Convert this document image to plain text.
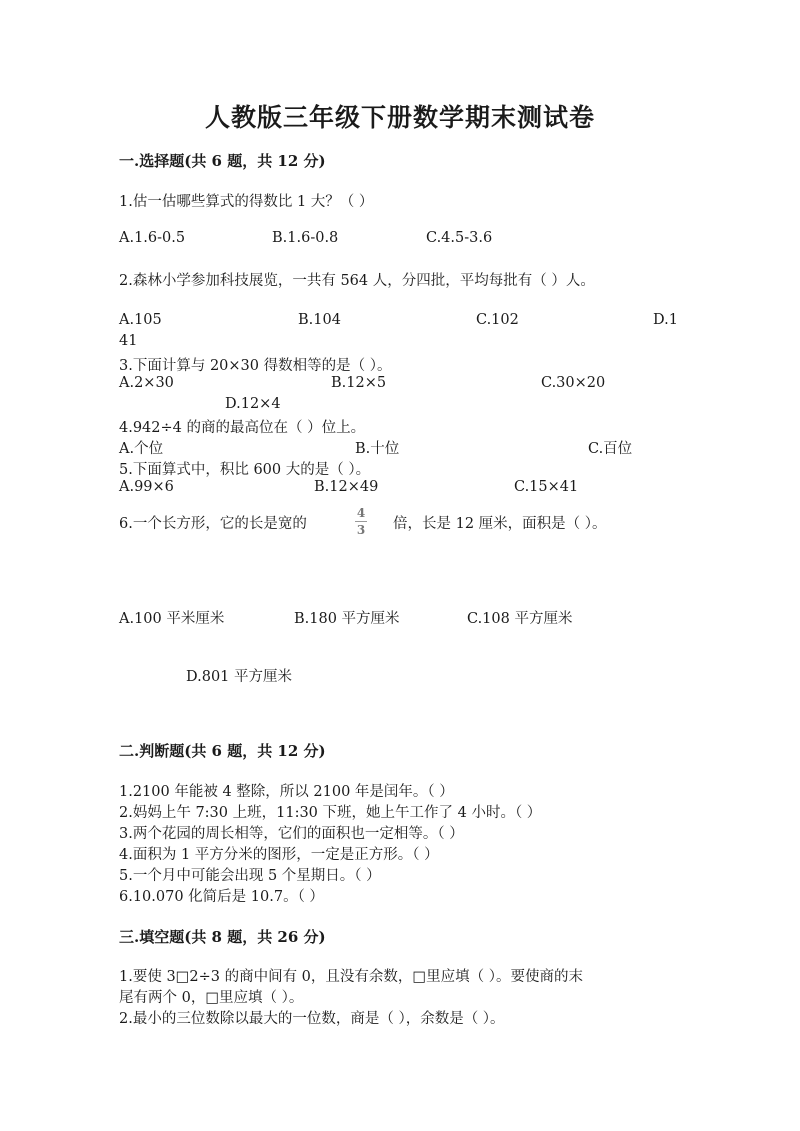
人教版三年级下册数学期末测试卷
一.选择题(共 6 题，共 12 分)
1.估一估哪些算式的得数比 1 大？（ ）
A.1.6-0.5	B.1.6-0.8	C.4.5-3.6
2.森林小学参加科技展览，一共有 564 人，分四批，平均每批有（ ）人。
A.105	B.104	C.102	D.1
41
3.下面计算与 20×30 得数相等的是（ ）。
A.2×30	B.12×5	C.30×20
D.12×4
4.942÷4 的商的最高位在（ ）位上。
A.个位	B.十位	C.百位
5.下面算式中，积比 600 大的是（ ）。
A.99×6	B.12×49	C.15×41
6.一个长方形，它的长是宽的
4
3	倍，长是 12 厘米，面积是（ ）。
A.100 平米厘米	B.180 平方厘米	C.108 平方厘米
D.801 平方厘米
二.判断题(共 6 题，共 12 分)
1.2100 年能被 4 整除，所以 2100 年是闰年。（ ）
2.妈妈上午 7:30 上班，11:30 下班，她上午工作了 4 小时。（ ）
3.两个花园的周长相等，它们的面积也一定相等。（ ）
4.面积为 1 平方分米的图形，一定是正方形。（ ）
5.一个月中可能会出现 5 个星期日。（ ）
6.10.070 化简后是 10.7。（ ）
三.填空题(共 8 题，共 26 分)
1.要使 3□2÷3 的商中间有 0，且没有余数，□里应填（ ）。要使商的末
尾有两个 0，□里应填（ ）。
2.最小的三位数除以最大的一位数，商是（ ），余数是（ ）。
